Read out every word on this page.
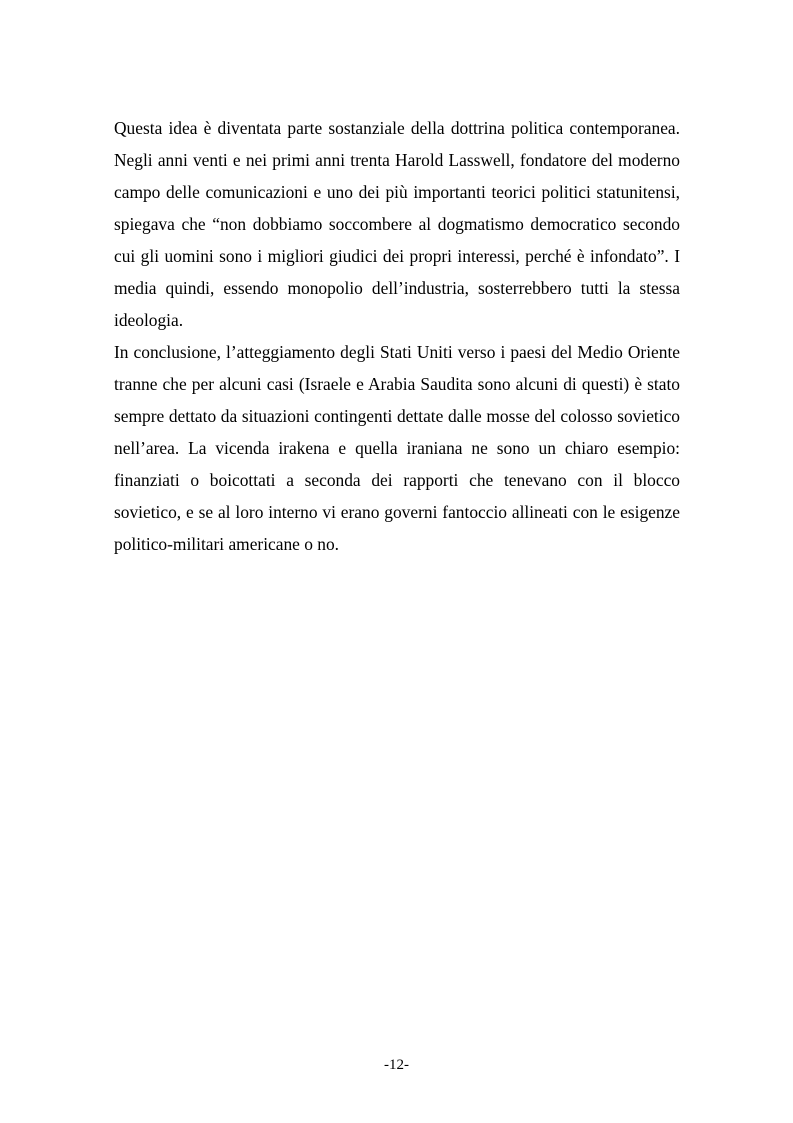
Questa idea è diventata parte sostanziale della dottrina politica contemporanea. Negli anni venti e nei primi anni trenta Harold Lasswell, fondatore del moderno campo delle comunicazioni e uno dei più importanti teorici politici statunitensi, spiegava che “non dobbiamo soccombere al dogmatismo democratico secondo cui gli uomini sono i migliori giudici dei propri interessi, perché è infondato”. I media quindi, essendo monopolio dell’industria, sosterrebbero tutti la stessa ideologia.

In conclusione, l’atteggiamento degli Stati Uniti verso i paesi del Medio Oriente tranne che per alcuni casi (Israele e Arabia Saudita sono alcuni di questi) è stato sempre dettato da situazioni contingenti dettate dalle mosse del colosso sovietico nell’area. La vicenda irakena e quella iraniana ne sono un chiaro esempio: finanziati o boicottati a seconda dei rapporti che tenevano con il blocco sovietico, e se al loro interno vi erano governi fantoccio allineati con le esigenze politico-militari americane o no.

-12-
